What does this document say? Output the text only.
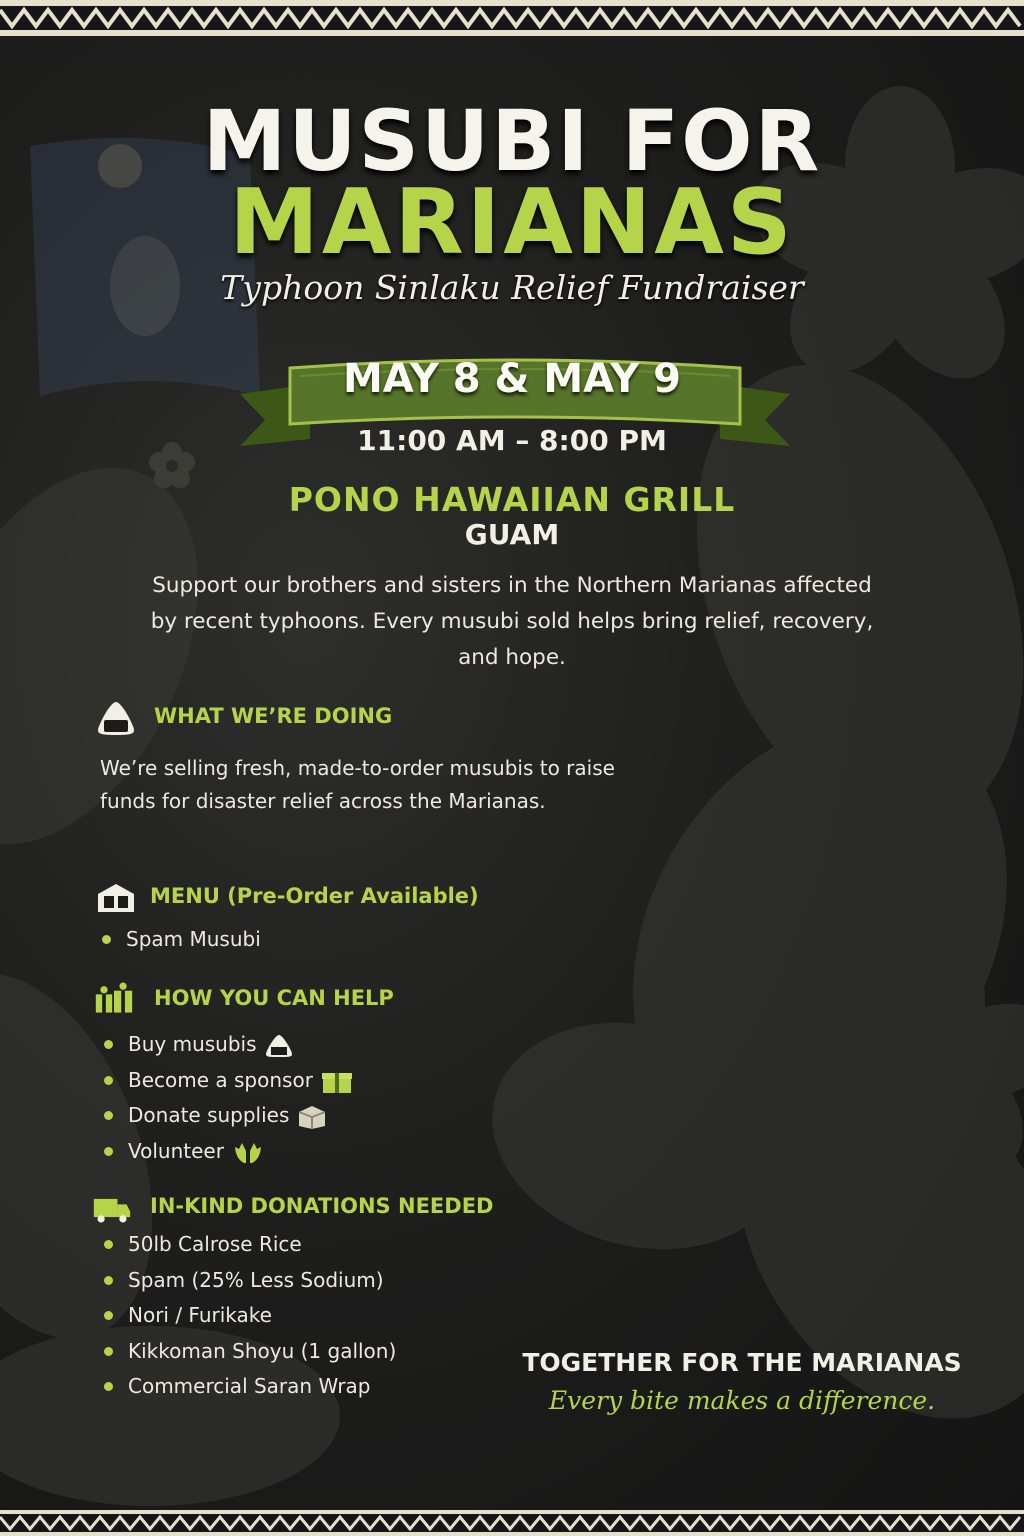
MUSUBI FOR
MARIANAS
Typhoon Sinlaku Relief Fundraiser
MAY 8 & MAY 9
11:00 AM – 8:00 PM
PONO HAWAIIAN GRILL
GUAM
Support our brothers and sisters in the Northern Marianas affected by recent typhoons. Every musubi sold helps bring relief, recovery, and hope.
WHAT WE’RE DOING
We’re selling fresh, made-to-order musubis to raise funds for disaster relief across the Marianas.
MENU (Pre-Order Available)
Spam Musubi
HOW YOU CAN HELP
Buy musubis
Become a sponsor
Donate supplies
Volunteer
IN-KIND DONATIONS NEEDED
50lb Calrose Rice
Spam (25% Less Sodium)
Nori / Furikake
Kikkoman Shoyu (1 gallon)
Commercial Saran Wrap
TOGETHER FOR THE MARIANAS
Every bite makes a difference.
